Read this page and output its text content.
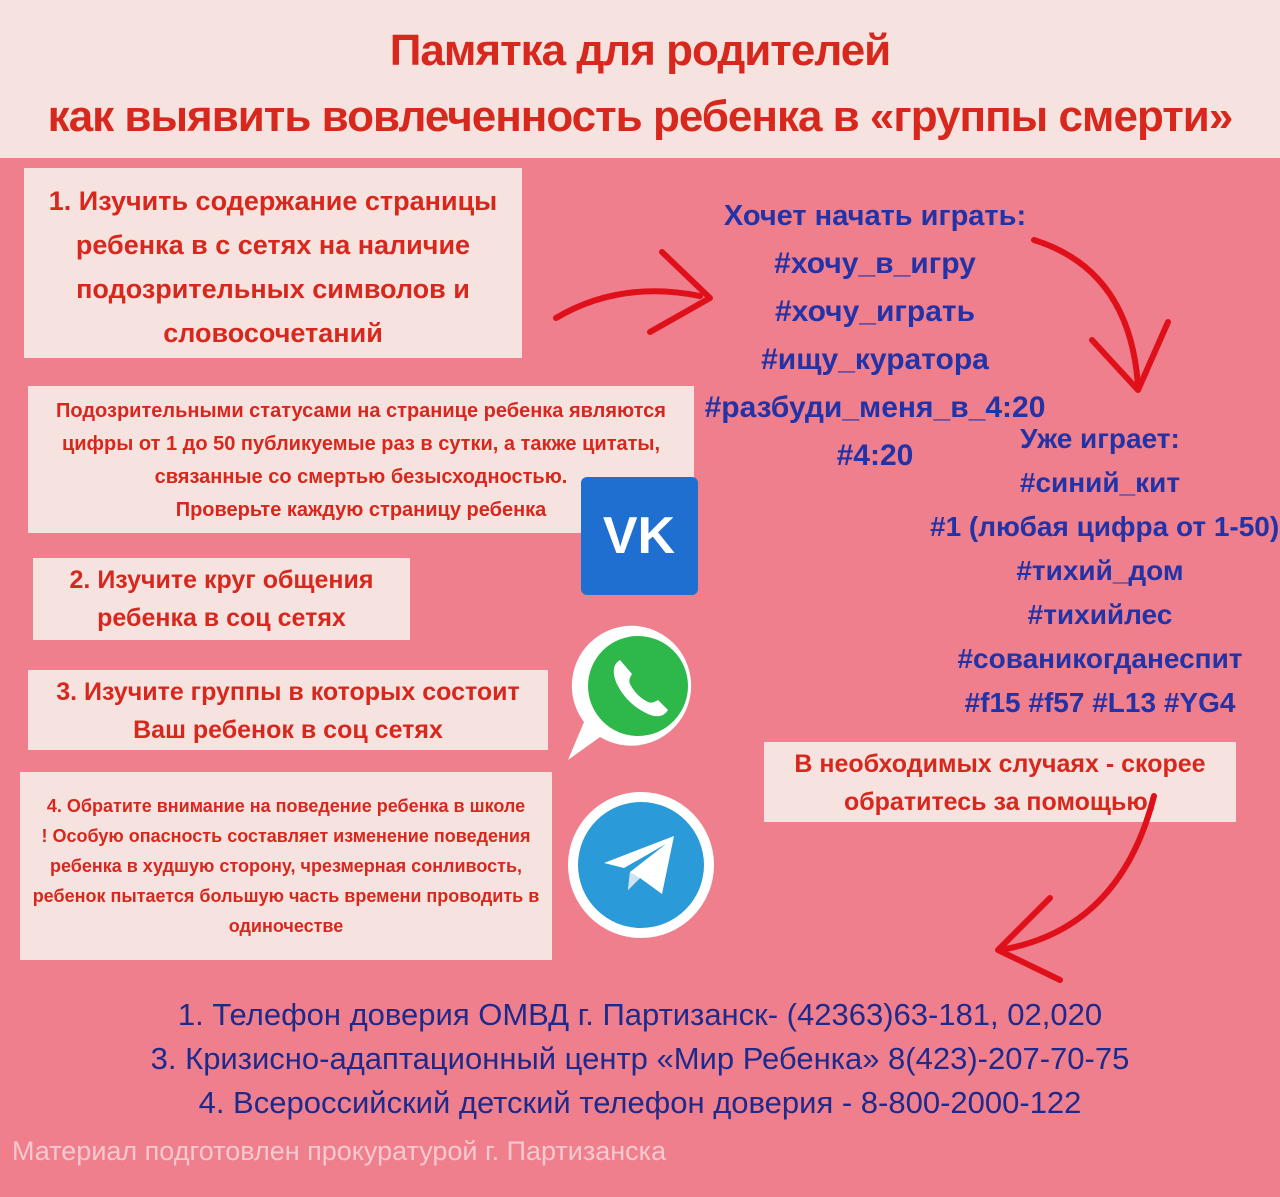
Памятка для родителей
как выявить вовлеченность ребенка в «группы смерти»
1. Изучить содержание страницы
ребенка в с сетях на наличие
подозрительных символов и
словосочетаний
Подозрительными статусами на странице ребенка являются
цифры от 1 до 50 публикуемые раз в сутки, а также цитаты,
связанные со смертью безысходностью.
Проверьте каждую страницу ребенка
2. Изучите круг общения
ребенка в соц сетях
3. Изучите группы в которых состоит
Ваш ребенок в соц сетях
4. Обратите внимание на поведение ребенка в школе
! Особую опасность составляет изменение поведения
ребенка в худшую сторону, чрезмерная сонливость,
ребенок пытается большую часть времени проводить в
одиночестве
VK
Хочет начать играть:
#хочу_в_игру
#хочу_играть
#ищу_куратора
#разбуди_меня_в_4:20
#4:20
Уже играет:
#синий_кит
#1 (любая цифра от 1-50)
#тихий_дом
#тихийлес
#сованикогданеспит
#f15 #f57 #L13 #YG4
В необходимых случаях - скорее
обратитесь за помощью:
1. Телефон доверия ОМВД г. Партизанск- (42363)63-181, 02,020
3. Кризисно-адаптационный центр «Мир Ребенка» 8(423)-207-70-75
4. Всероссийский детский телефон доверия - 8-800-2000-122
Материал подготовлен прокуратурой г. Партизанска
